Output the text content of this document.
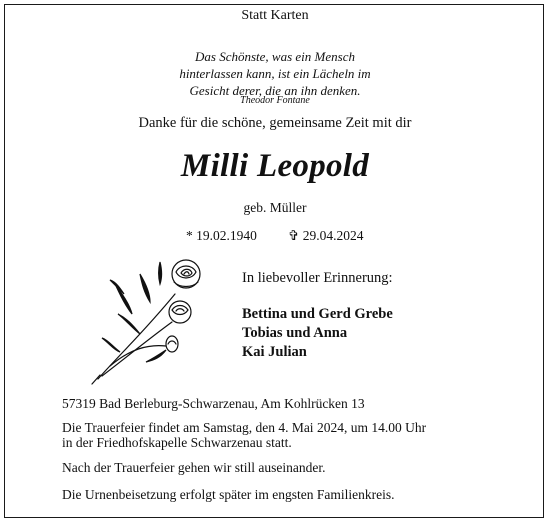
Statt Karten
Das Schönste, was ein Mensch
hinterlassen kann, ist ein Lächeln im
Gesicht derer, die an ihn denken.
Theodor Fontane
Danke für die schöne, gemeinsame Zeit mit dir
Milli Leopold
geb. Müller
* 19.02.1940 ✞ 29.04.2024
In liebevoller Erinnerung:
Bettina und Gerd Grebe
Tobias und Anna
Kai Julian
57319 Bad Berleburg-Schwarzenau, Am Kohlrücken 13
Die Trauerfeier findet am Samstag, den 4. Mai 2024, um 14.00 Uhr
in der Friedhofskapelle Schwarzenau statt.
Nach der Trauerfeier gehen wir still auseinander.
Die Urnenbeisetzung erfolgt später im engsten Familienkreis.
